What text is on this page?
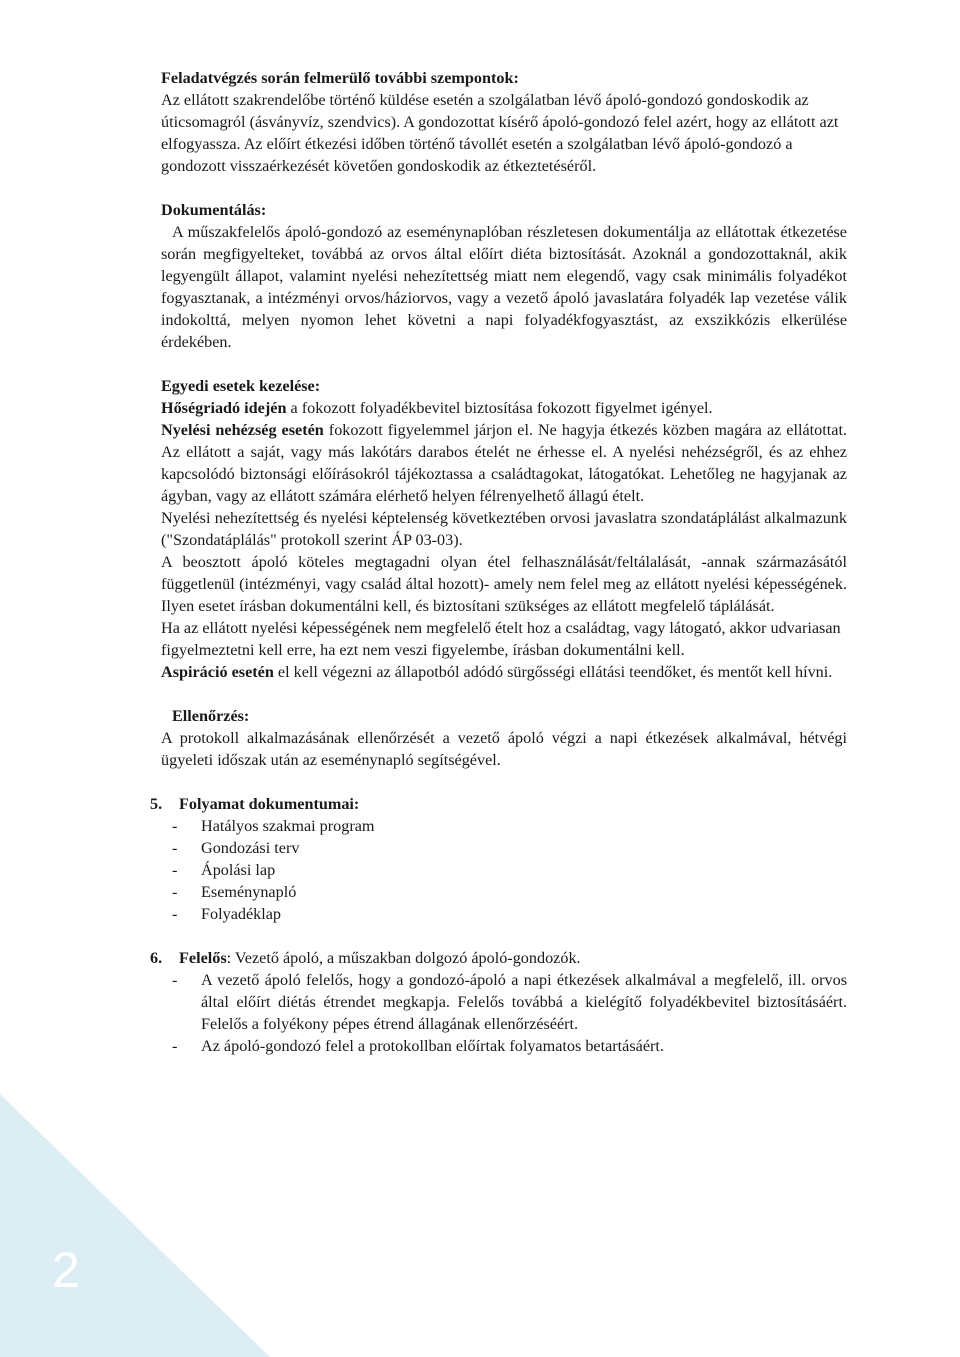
2

Feladatvégzés során felmerülő további szempontok:

Az ellátott szakrendelőbe történő küldése esetén a szolgálatban lévő ápoló-gondozó gondoskodik az úticsomagról (ásványvíz, szendvics). A gondozottat kísérő ápoló-gondozó felel azért, hogy az ellátott azt elfogyassza. Az előírt étkezési időben történő távollét esetén a szolgálatban lévő ápoló-gondozó a gondozott visszaérkezését követően gondoskodik az étkeztetéséről.

Dokumentálás:

A műszakfelelős ápoló-gondozó az eseménynaplóban részletesen dokumentálja az ellátottak étkezetése során megfigyelteket, továbbá az orvos által előírt diéta biztosítását. Azoknál a gondozottaknál, akik legyengült állapot, valamint nyelési nehezítettség miatt nem elegendő, vagy csak minimális folyadékot fogyasztanak, a intézményi orvos/háziorvos, vagy a vezető ápoló javaslatára folyadék lap vezetése válik indokolttá, melyen nyomon lehet követni a napi folyadékfogyasztást, az exszikkózis elkerülése érdekében.

Egyedi esetek kezelése:

Hőségriadó idején a fokozott folyadékbevitel biztosítása fokozott figyelmet igényel.

Nyelési nehézség esetén fokozott figyelemmel járjon el. Ne hagyja étkezés közben magára az ellátottat. Az ellátott a saját, vagy más lakótárs darabos ételét ne érhesse el. A nyelési nehézségről, és az ehhez kapcsolódó biztonsági előírásokról tájékoztassa a családtagokat, látogatókat. Lehetőleg ne hagyjanak az ágyban, vagy az ellátott számára elérhető helyen félrenyelhető állagú ételt.

Nyelési nehezítettség és nyelési képtelenség következtében orvosi javaslatra szondatáplálást alkalmazunk ("Szondatáplálás" protokoll szerint ÁP 03-03).

A beosztott ápoló köteles megtagadni olyan étel felhasználását/feltálalását, -annak származásától függetlenül (intézményi, vagy család által hozott)- amely nem felel meg az ellátott nyelési képességének. Ilyen esetet írásban dokumentálni kell, és biztosítani szükséges az ellátott megfelelő táplálását.

Ha az ellátott nyelési képességének nem megfelelő ételt hoz a családtag, vagy látogató, akkor udvariasan figyelmeztetni kell erre, ha ezt nem veszi figyelembe, írásban dokumentálni kell.

Aspiráció esetén el kell végezni az állapotból adódó sürgősségi ellátási teendőket, és mentőt kell hívni.

Ellenőrzés:

A protokoll alkalmazásának ellenőrzését a vezető ápoló végzi a napi étkezések alkalmával, hétvégi ügyeleti időszak után az eseménynapló segítségével.

5. Folyamat dokumentumai:

- Hatályos szakmai program
- Gondozási terv
- Ápolási lap
- Eseménynapló
- Folyadéklap

6. Felelős: Vezető ápoló, a műszakban dolgozó ápoló-gondozók.

- A vezető ápoló felelős, hogy a gondozó-ápoló a napi étkezések alkalmával a megfelelő, ill. orvos által előírt diétás étrendet megkapja. Felelős továbbá a kielégítő folyadékbevitel biztosításáért. Felelős a folyékony pépes étrend állagának ellenőrzéséért.
- Az ápoló-gondozó felel a protokollban előírtak folyamatos betartásáért.
